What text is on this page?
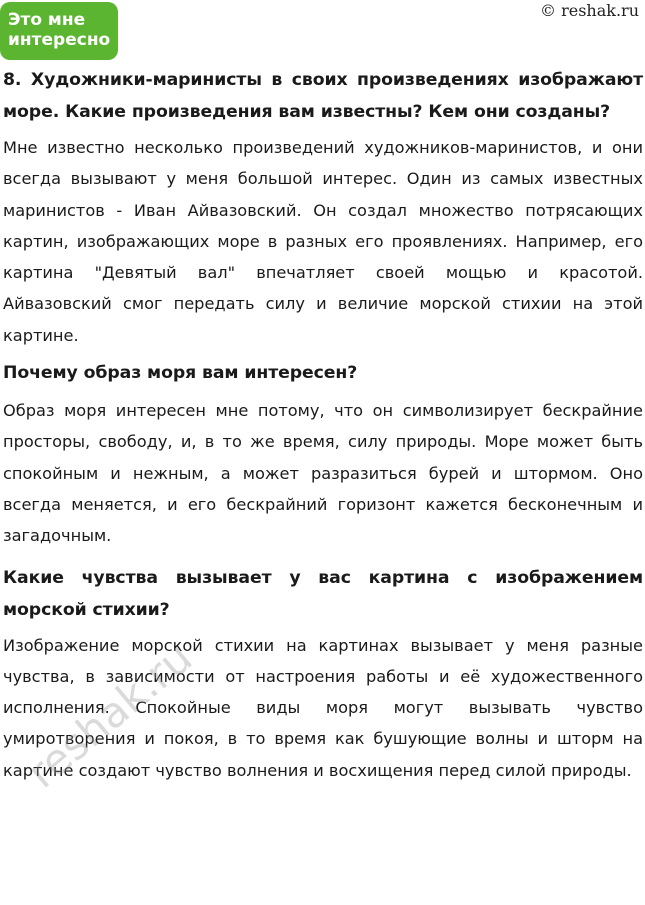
Это мне
интересно
© reshak.ru

8. Художники-маринисты в своих произведениях изображают море. Какие произведения вам известны? Кем они созданы?

Мне известно несколько произведений художников-маринистов, и они всегда вызывают у меня большой интерес. Один из самых известных маринистов - Иван Айвазовский. Он создал множество потрясающих картин, изображающих море в разных его проявлениях. Например, его картина "Девятый вал" впечатляет своей мощью и красотой. Айвазовский смог передать силу и величие морской стихии на этой картине.

Почему образ моря вам интересен?

Образ моря интересен мне потому, что он символизирует бескрайние просторы, свободу, и, в то же время, силу природы. Море может быть спокойным и нежным, а может разразиться бурей и штормом. Оно всегда меняется, и его бескрайний горизонт кажется бесконечным и загадочным.

Какие чувства вызывает у вас картина с изображением морской стихии?

Изображение морской стихии на картинах вызывает у меня разные чувства, в зависимости от настроения работы и её художественного исполнения. Спокойные виды моря могут вызывать чувство умиротворения и покоя, в то время как бушующие волны и шторм на картине создают чувство волнения и восхищения перед силой природы.

reshak.ru
